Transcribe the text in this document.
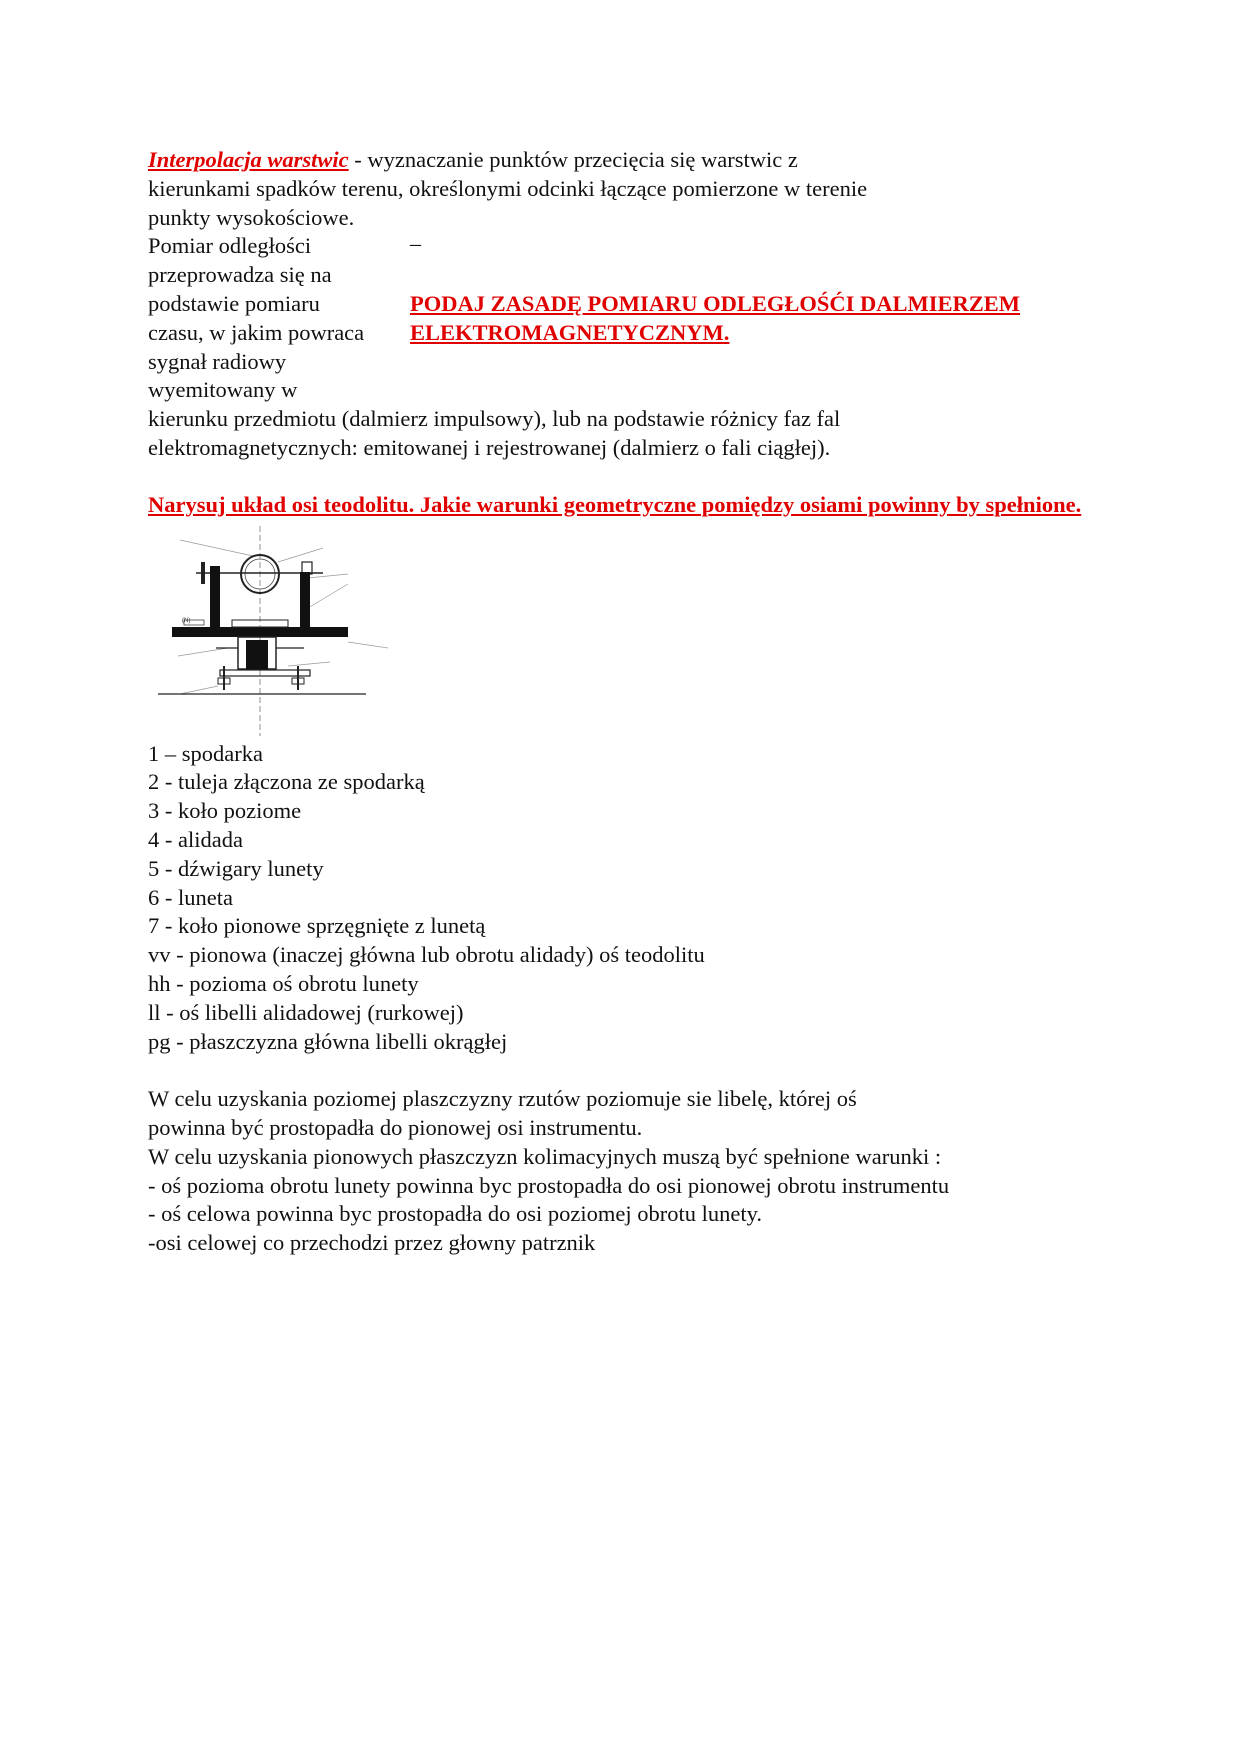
Interpolacja warstwic - wyznaczanie punktów przecięcia się warstwic z
kierunkami spadków terenu, określonymi odcinki łączące pomierzone w terenie
punkty wysokościowe.
Pomiar odległości
przeprowadza się na
podstawie pomiaru
czasu, w jakim powraca
sygnał radiowy
wyemitowany w
_
PODAJ ZASADĘ POMIARU ODLEGŁOŚĆI DALMIERZEM
ELEKTROMAGNETYCZNYM.
kierunku przedmiotu (dalmierz impulsowy), lub na podstawie różnicy faz fal
elektromagnetycznych: emitowanej i rejestrowanej (dalmierz o fali ciągłej).
Narysuj układ osi teodolitu. Jakie warunki geometryczne pomiędzy osiami powinny by spełnione.
(N)
1 – spodarka
2 - tuleja złączona ze spodarką
3 - koło poziome
4 - alidada
5 - dźwigary lunety
6 - luneta
7 - koło pionowe sprzęgnięte z lunetą
vv - pionowa (inaczej główna lub obrotu alidady) oś teodolitu
hh - pozioma oś obrotu lunety
ll - oś libelli alidadowej (rurkowej)
pg - płaszczyzna główna libelli okrągłej
W celu uzyskania poziomej plaszczyzny rzutów poziomuje sie libelę, której oś
powinna być prostopadła do pionowej osi instrumentu.
W celu uzyskania pionowych płaszczyzn kolimacyjnych muszą być spełnione warunki :
- oś pozioma obrotu lunety powinna byc prostopadła do osi pionowej obrotu instrumentu
- oś celowa powinna byc prostopadła do osi poziomej obrotu lunety.
-osi celowej co przechodzi przez głowny patrznik
